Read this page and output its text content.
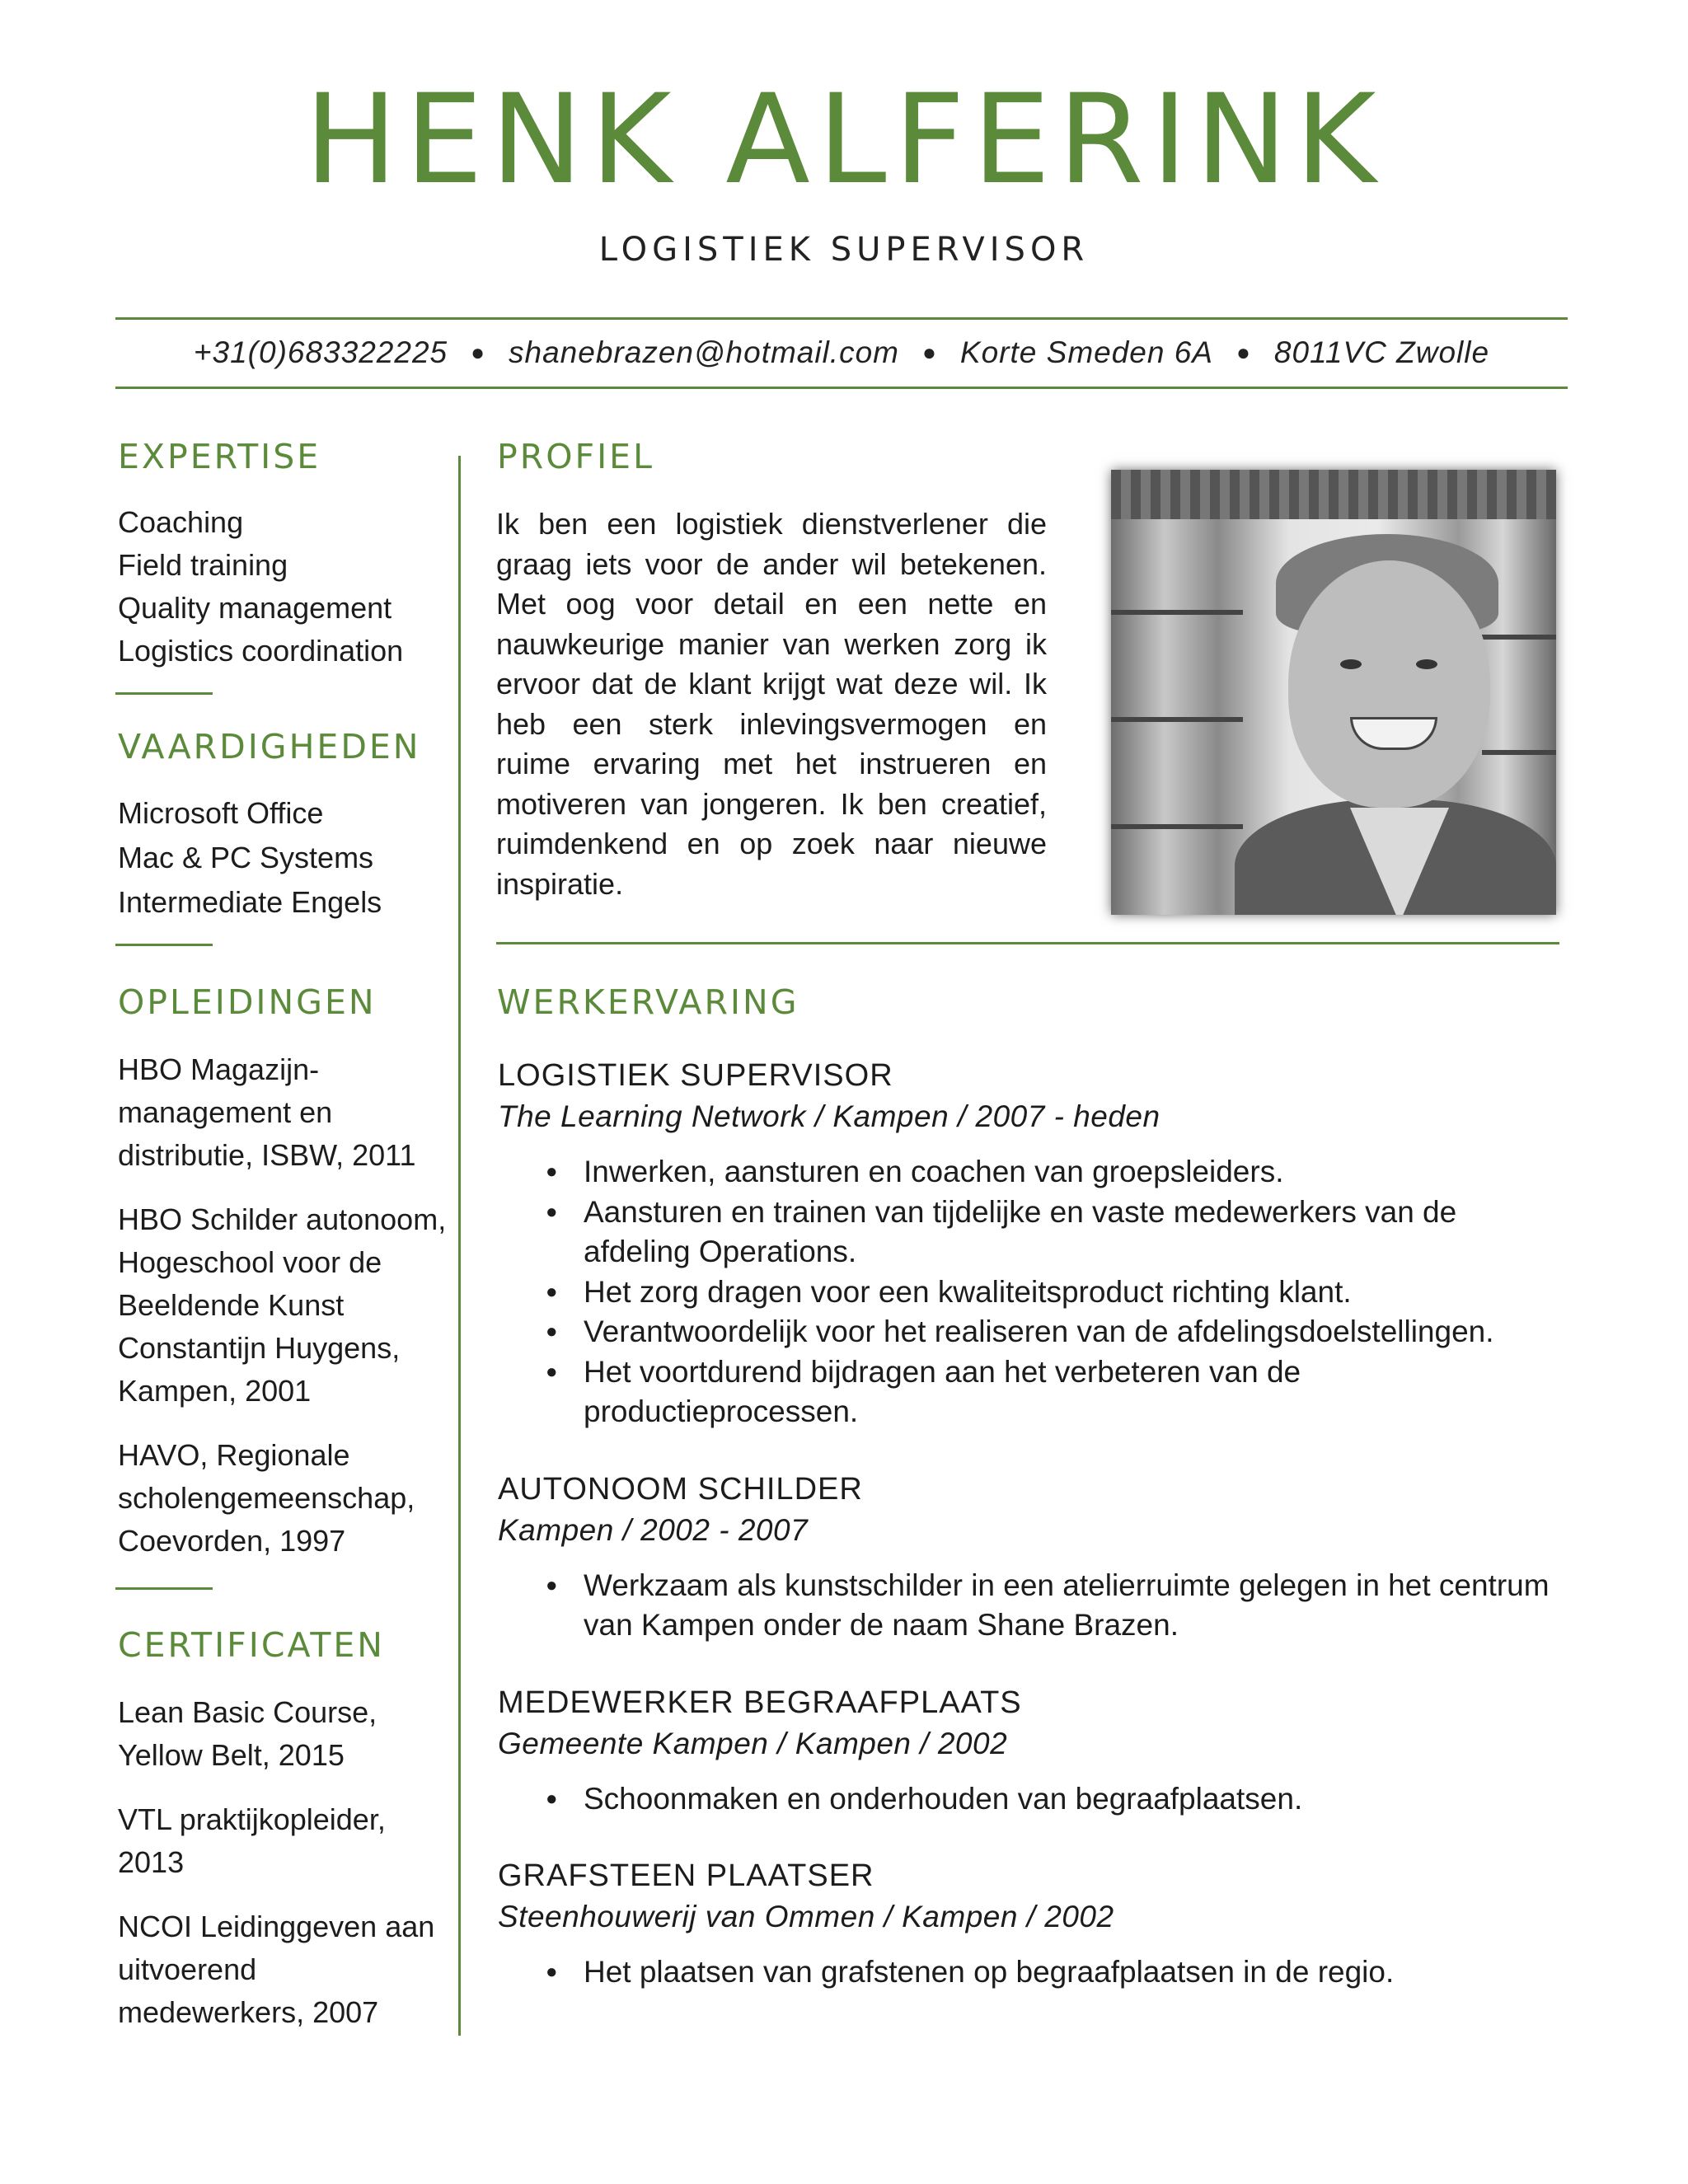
HENK ALFERINK
LOGISTIEK SUPERVISOR
+31(0)683322225 ● shanebrazen@hotmail.com ● Korte Smeden 6A ● 8011VC Zwolle
EXPERTISE
Coaching
Field training
Quality management
Logistics coordination
VAARDIGHEDEN
Microsoft Office
Mac & PC Systems
Intermediate Engels
OPLEIDINGEN
HBO Magazijn-
management en
distributie, ISBW, 2011
HBO Schilder autonoom,
Hogeschool voor de
Beeldende Kunst
Constantijn Huygens,
Kampen, 2001
HAVO, Regionale
scholengemeenschap,
Coevorden, 1997
CERTIFICATEN
Lean Basic Course,
Yellow Belt, 2015
VTL praktijkopleider,
2013
NCOI Leidinggeven aan
uitvoerend
medewerkers, 2007
PROFIEL
Ik ben een logistiek dienstverlener die graag iets voor de ander wil betekenen. Met oog voor detail en een nette en nauwkeurige manier van werken zorg ik ervoor dat de klant krijgt wat deze wil. Ik heb een sterk inlevingsvermogen en ruime ervaring met het instrueren en motiveren van jongeren. Ik ben creatief, ruimdenkend en op zoek naar nieuwe inspiratie.
WERKERVARING
LOGISTIEK SUPERVISOR
The Learning Network / Kampen / 2007 - heden
● Inwerken, aansturen en coachen van groepsleiders.
● Aansturen en trainen van tijdelijke en vaste medewerkers van de afdeling Operations.
● Het zorg dragen voor een kwaliteitsproduct richting klant.
● Verantwoordelijk voor het realiseren van de afdelingsdoelstellingen.
● Het voortdurend bijdragen aan het verbeteren van de productieprocessen.
AUTONOOM SCHILDER
Kampen / 2002 - 2007
● Werkzaam als kunstschilder in een atelierruimte gelegen in het centrum van Kampen onder de naam Shane Brazen.
MEDEWERKER BEGRAAFPLAATS
Gemeente Kampen / Kampen / 2002
● Schoonmaken en onderhouden van begraafplaatsen.
GRAFSTEEN PLAATSER
Steenhouwerij van Ommen / Kampen / 2002
● Het plaatsen van grafstenen op begraafplaatsen in de regio.
